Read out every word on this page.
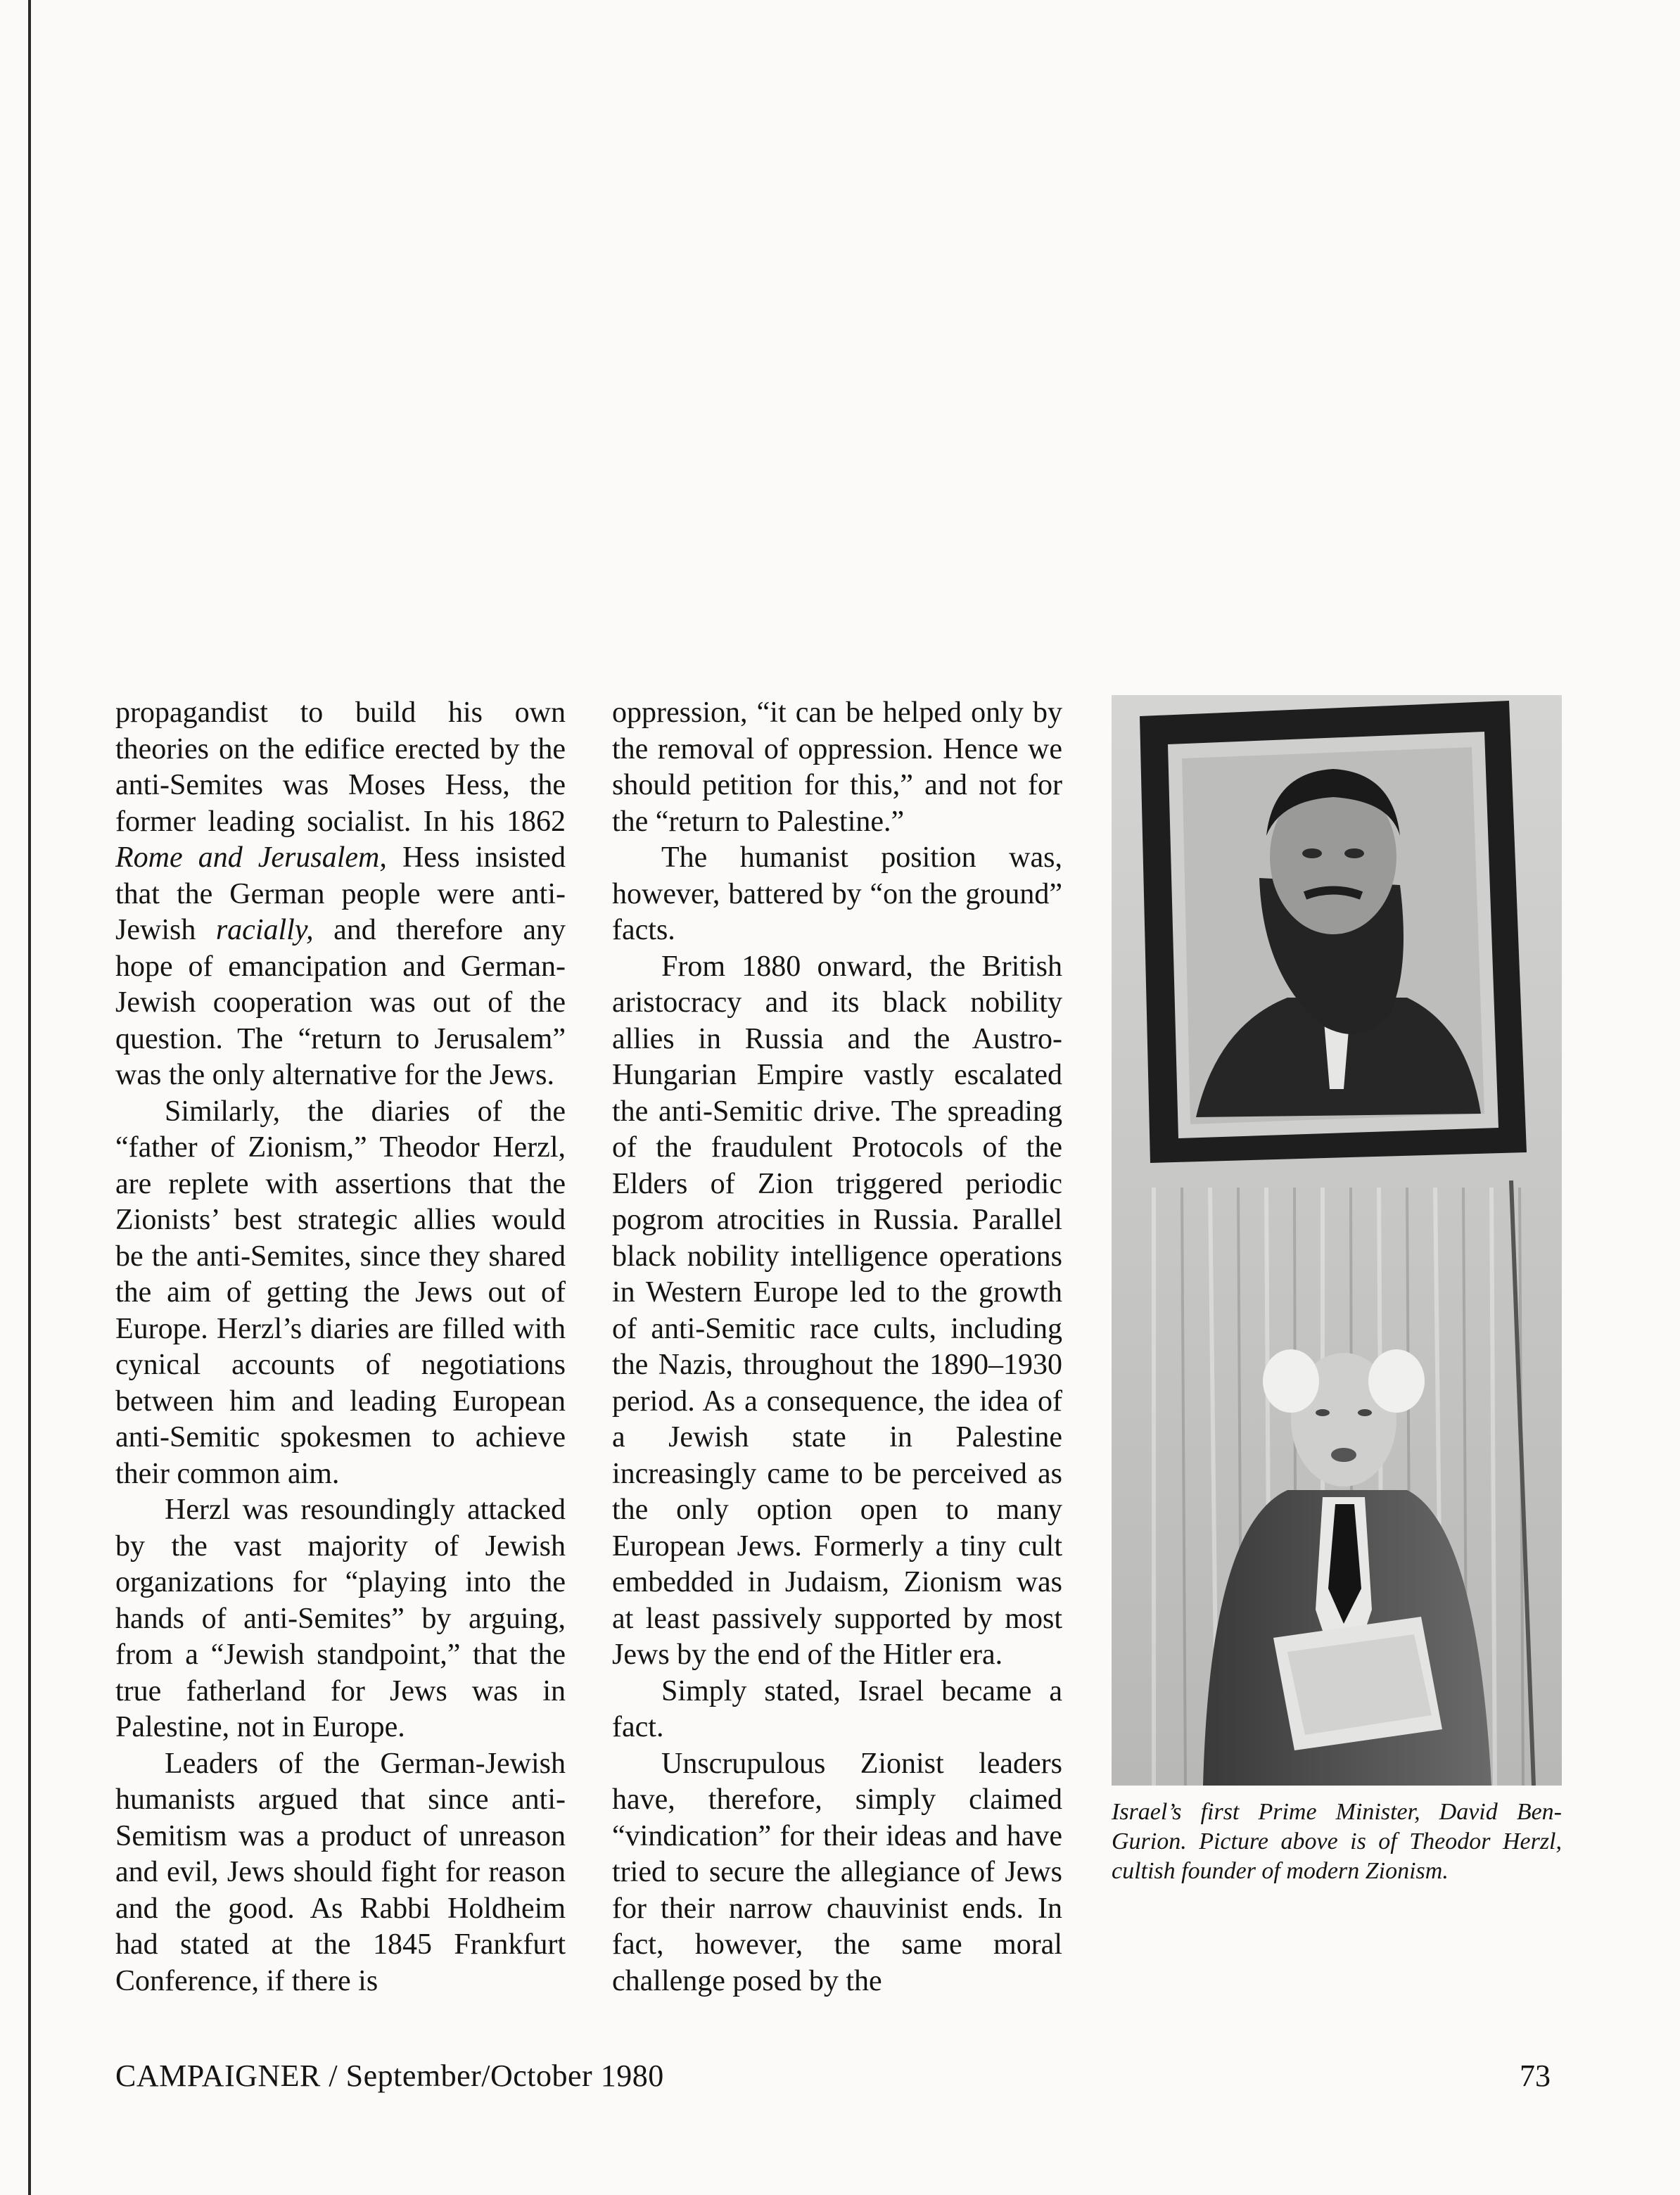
propagandist to build his own theories on the edifice erected by the anti-Semites was Moses Hess, the former leading socialist. In his 1862 Rome and Jerusalem, Hess insisted that the German people were anti-Jewish racially, and therefore any hope of emancipation and German-Jewish cooperation was out of the question. The “return to Jerusalem” was the only alternative for the Jews.

Similarly, the diaries of the “father of Zionism,” Theodor Herzl, are replete with assertions that the Zionists’ best strategic allies would be the anti-Semites, since they shared the aim of getting the Jews out of Europe. Herzl’s diaries are filled with cynical accounts of negotiations between him and leading European anti-Semitic spokesmen to achieve their common aim.

Herzl was resoundingly attacked by the vast majority of Jewish organizations for “playing into the hands of anti-Semites” by arguing, from a “Jewish standpoint,” that the true fatherland for Jews was in Palestine, not in Europe.

Leaders of the German-Jewish humanists argued that since anti-Semitism was a product of unreason and evil, Jews should fight for reason and the good. As Rabbi Holdheim had stated at the 1845 Frankfurt Conference, if there is

oppression, “it can be helped only by the removal of oppression. Hence we should petition for this,” and not for the “return to Palestine.”

The humanist position was, however, battered by “on the ground” facts.

From 1880 onward, the British aristocracy and its black nobility allies in Russia and the Austro-Hungarian Empire vastly escalated the anti-Semitic drive. The spreading of the fraudulent Protocols of the Elders of Zion triggered periodic pogrom atrocities in Russia. Parallel black nobility intelligence operations in Western Europe led to the growth of anti-Semitic race cults, including the Nazis, throughout the 1890–1930 period. As a consequence, the idea of a Jewish state in Palestine increasingly came to be perceived as the only option open to many European Jews. Formerly a tiny cult embedded in Judaism, Zionism was at least passively supported by most Jews by the end of the Hitler era.

Simply stated, Israel became a fact.

Unscrupulous Zionist leaders have, therefore, simply claimed “vindication” for their ideas and have tried to secure the allegiance of Jews for their narrow chauvinist ends. In fact, however, the same moral challenge posed by the

Israel’s first Prime Minister, David Ben-Gurion. Picture above is of Theodor Herzl, cultish founder of modern Zionism.
CAMPAIGNER / September/October 1980	73
